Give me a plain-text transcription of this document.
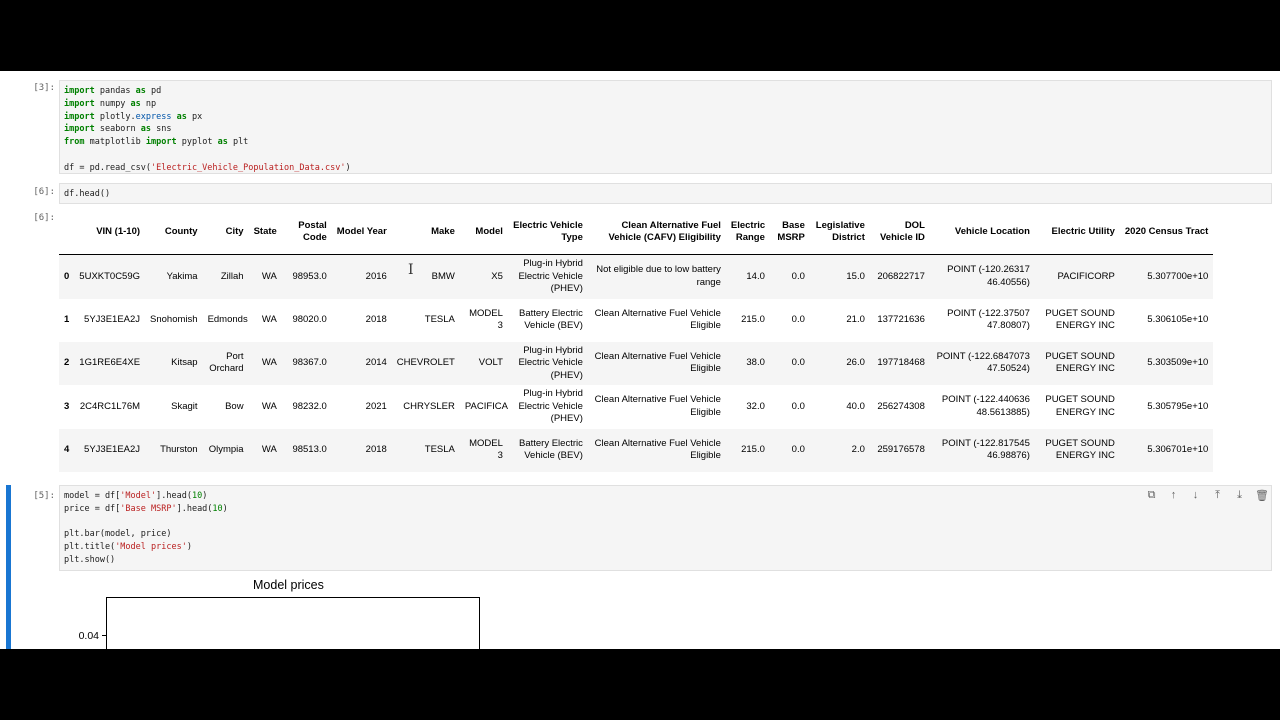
[3]:	import pandas as pd
import numpy as np
import plotly.express as px
import seaborn as sns
from matplotlib import pyplot as plt

df = pd.read_csv('Electric_Vehicle_Population_Data.csv')
[6]:	df.head()
[6]:
	VIN (1-10)	County	City	State	Postal Code	Model Year	Make	Model	Electric Vehicle Type	Clean Alternative Fuel Vehicle (CAFV) Eligibility	Electric Range	Base MSRP	Legislative District	DOL Vehicle ID	Vehicle Location	Electric Utility	2020 Census Tract
0	5UXKT0C59G	Yakima	Zillah	WA	98953.0	2016	BMW	X5	Plug-in Hybrid Electric Vehicle (PHEV)	Not eligible due to low battery range	14.0	0.0	15.0	206822717	POINT (-120.26317 46.40556)	PACIFICORP	5.307700e+10
1	5YJ3E1EA2J	Snohomish	Edmonds	WA	98020.0	2018	TESLA	MODEL 3	Battery Electric Vehicle (BEV)	Clean Alternative Fuel Vehicle Eligible	215.0	0.0	21.0	137721636	POINT (-122.37507 47.80807)	PUGET SOUND ENERGY INC	5.306105e+10
2	1G1RE6E4XE	Kitsap	Port Orchard	WA	98367.0	2014	CHEVROLET	VOLT	Plug-in Hybrid Electric Vehicle (PHEV)	Clean Alternative Fuel Vehicle Eligible	38.0	0.0	26.0	197718468	POINT (-122.6847073 47.50524)	PUGET SOUND ENERGY INC	5.303509e+10
3	2C4RC1L76M	Skagit	Bow	WA	98232.0	2021	CHRYSLER	PACIFICA	Plug-in Hybrid Electric Vehicle (PHEV)	Clean Alternative Fuel Vehicle Eligible	32.0	0.0	40.0	256274308	POINT (-122.440636 48.5613885)	PUGET SOUND ENERGY INC	5.305795e+10
4	5YJ3E1EA2J	Thurston	Olympia	WA	98513.0	2018	TESLA	MODEL 3	Battery Electric Vehicle (BEV)	Clean Alternative Fuel Vehicle Eligible	215.0	0.0	2.0	259176578	POINT (-122.817545 46.98876)	PUGET SOUND ENERGY INC	5.306701e+10
[5]:	model = df['Model'].head(10)
price = df['Base MSRP'].head(10)

plt.bar(model, price)
plt.title('Model prices')
plt.show()
⧉	↑	↓	⤒	⤓	🗑
Model prices
0.04
I
